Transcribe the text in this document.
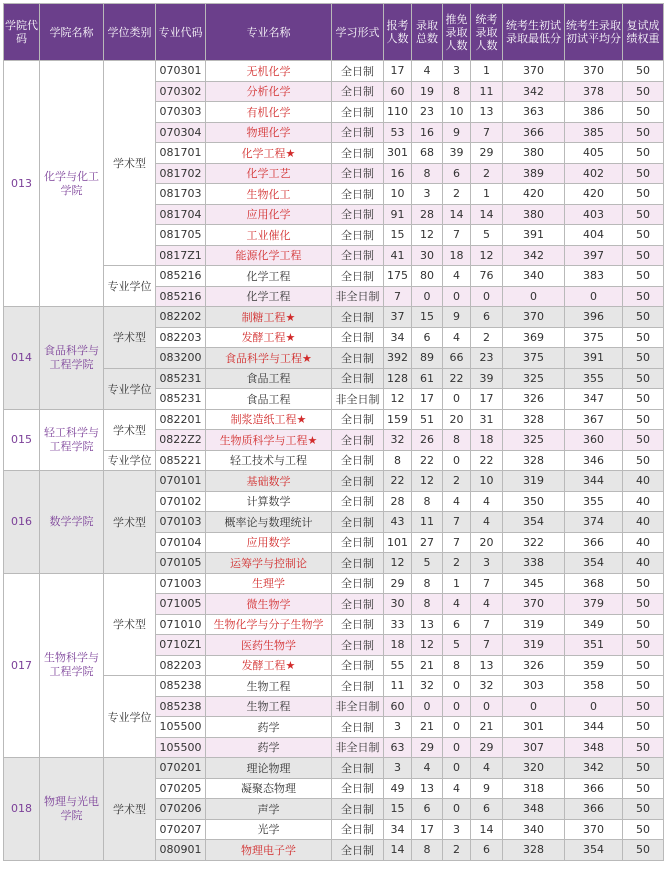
学院代码	学院名称	学位类别	专业代码	专业名称	学习形式	报考人数	录取总数	推免录取人数	统考录取人数	统考生初试录取最低分	统考生录取初试平均分	复试成绩权重
013	化学与化工学院	学术型	070301	无机化学	全日制	17	4	3	1	370	370	50
			070302	分析化学	全日制	60	19	8	11	342	378	50
			070303	有机化学	全日制	110	23	10	13	363	386	50
			070304	物理化学	全日制	53	16	9	7	366	385	50
			081701	化学工程★	全日制	301	68	39	29	380	405	50
			081702	化学工艺	全日制	16	8	6	2	389	402	50
			081703	生物化工	全日制	10	3	2	1	420	420	50
			081704	应用化学	全日制	91	28	14	14	380	403	50
			081705	工业催化	全日制	15	12	7	5	391	404	50
			0817Z1	能源化学工程	全日制	41	30	18	12	342	397	50
		专业学位	085216	化学工程	全日制	175	80	4	76	340	383	50
			085216	化学工程	非全日制	7	0	0	0	0	0	50
014	食品科学与工程学院	学术型	082202	制糖工程★	全日制	37	15	9	6	370	396	50
			082203	发酵工程★	全日制	34	6	4	2	369	375	50
			083200	食品科学与工程★	全日制	392	89	66	23	375	391	50
		专业学位	085231	食品工程	全日制	128	61	22	39	325	355	50
			085231	食品工程	非全日制	12	17	0	17	326	347	50
015	轻工科学与工程学院	学术型	082201	制浆造纸工程★	全日制	159	51	20	31	328	367	50
			0822Z2	生物质科学与工程★	全日制	32	26	8	18	325	360	50
		专业学位	085221	轻工技术与工程	全日制	8	22	0	22	328	346	50
016	数学学院	学术型	070101	基础数学	全日制	22	12	2	10	319	344	40
			070102	计算数学	全日制	28	8	4	4	350	355	40
			070103	概率论与数理统计	全日制	43	11	7	4	354	374	40
			070104	应用数学	全日制	101	27	7	20	322	366	40
			070105	运筹学与控制论	全日制	12	5	2	3	338	354	40
017	生物科学与工程学院	学术型	071003	生理学	全日制	29	8	1	7	345	368	50
			071005	微生物学	全日制	30	8	4	4	370	379	50
			071010	生物化学与分子生物学	全日制	33	13	6	7	319	349	50
			0710Z1	医药生物学	全日制	18	12	5	7	319	351	50
			082203	发酵工程★	全日制	55	21	8	13	326	359	50
		专业学位	085238	生物工程	全日制	11	32	0	32	303	358	50
			085238	生物工程	非全日制	60	0	0	0	0	0	50
			105500	药学	全日制	3	21	0	21	301	344	50
			105500	药学	非全日制	63	29	0	29	307	348	50
018	物理与光电学院	学术型	070201	理论物理	全日制	3	4	0	4	320	342	50
			070205	凝聚态物理	全日制	49	13	4	9	318	366	50
			070206	声学	全日制	15	6	0	6	348	366	50
			070207	光学	全日制	34	17	3	14	340	370	50
			080901	物理电子学	全日制	14	8	2	6	328	354	50
